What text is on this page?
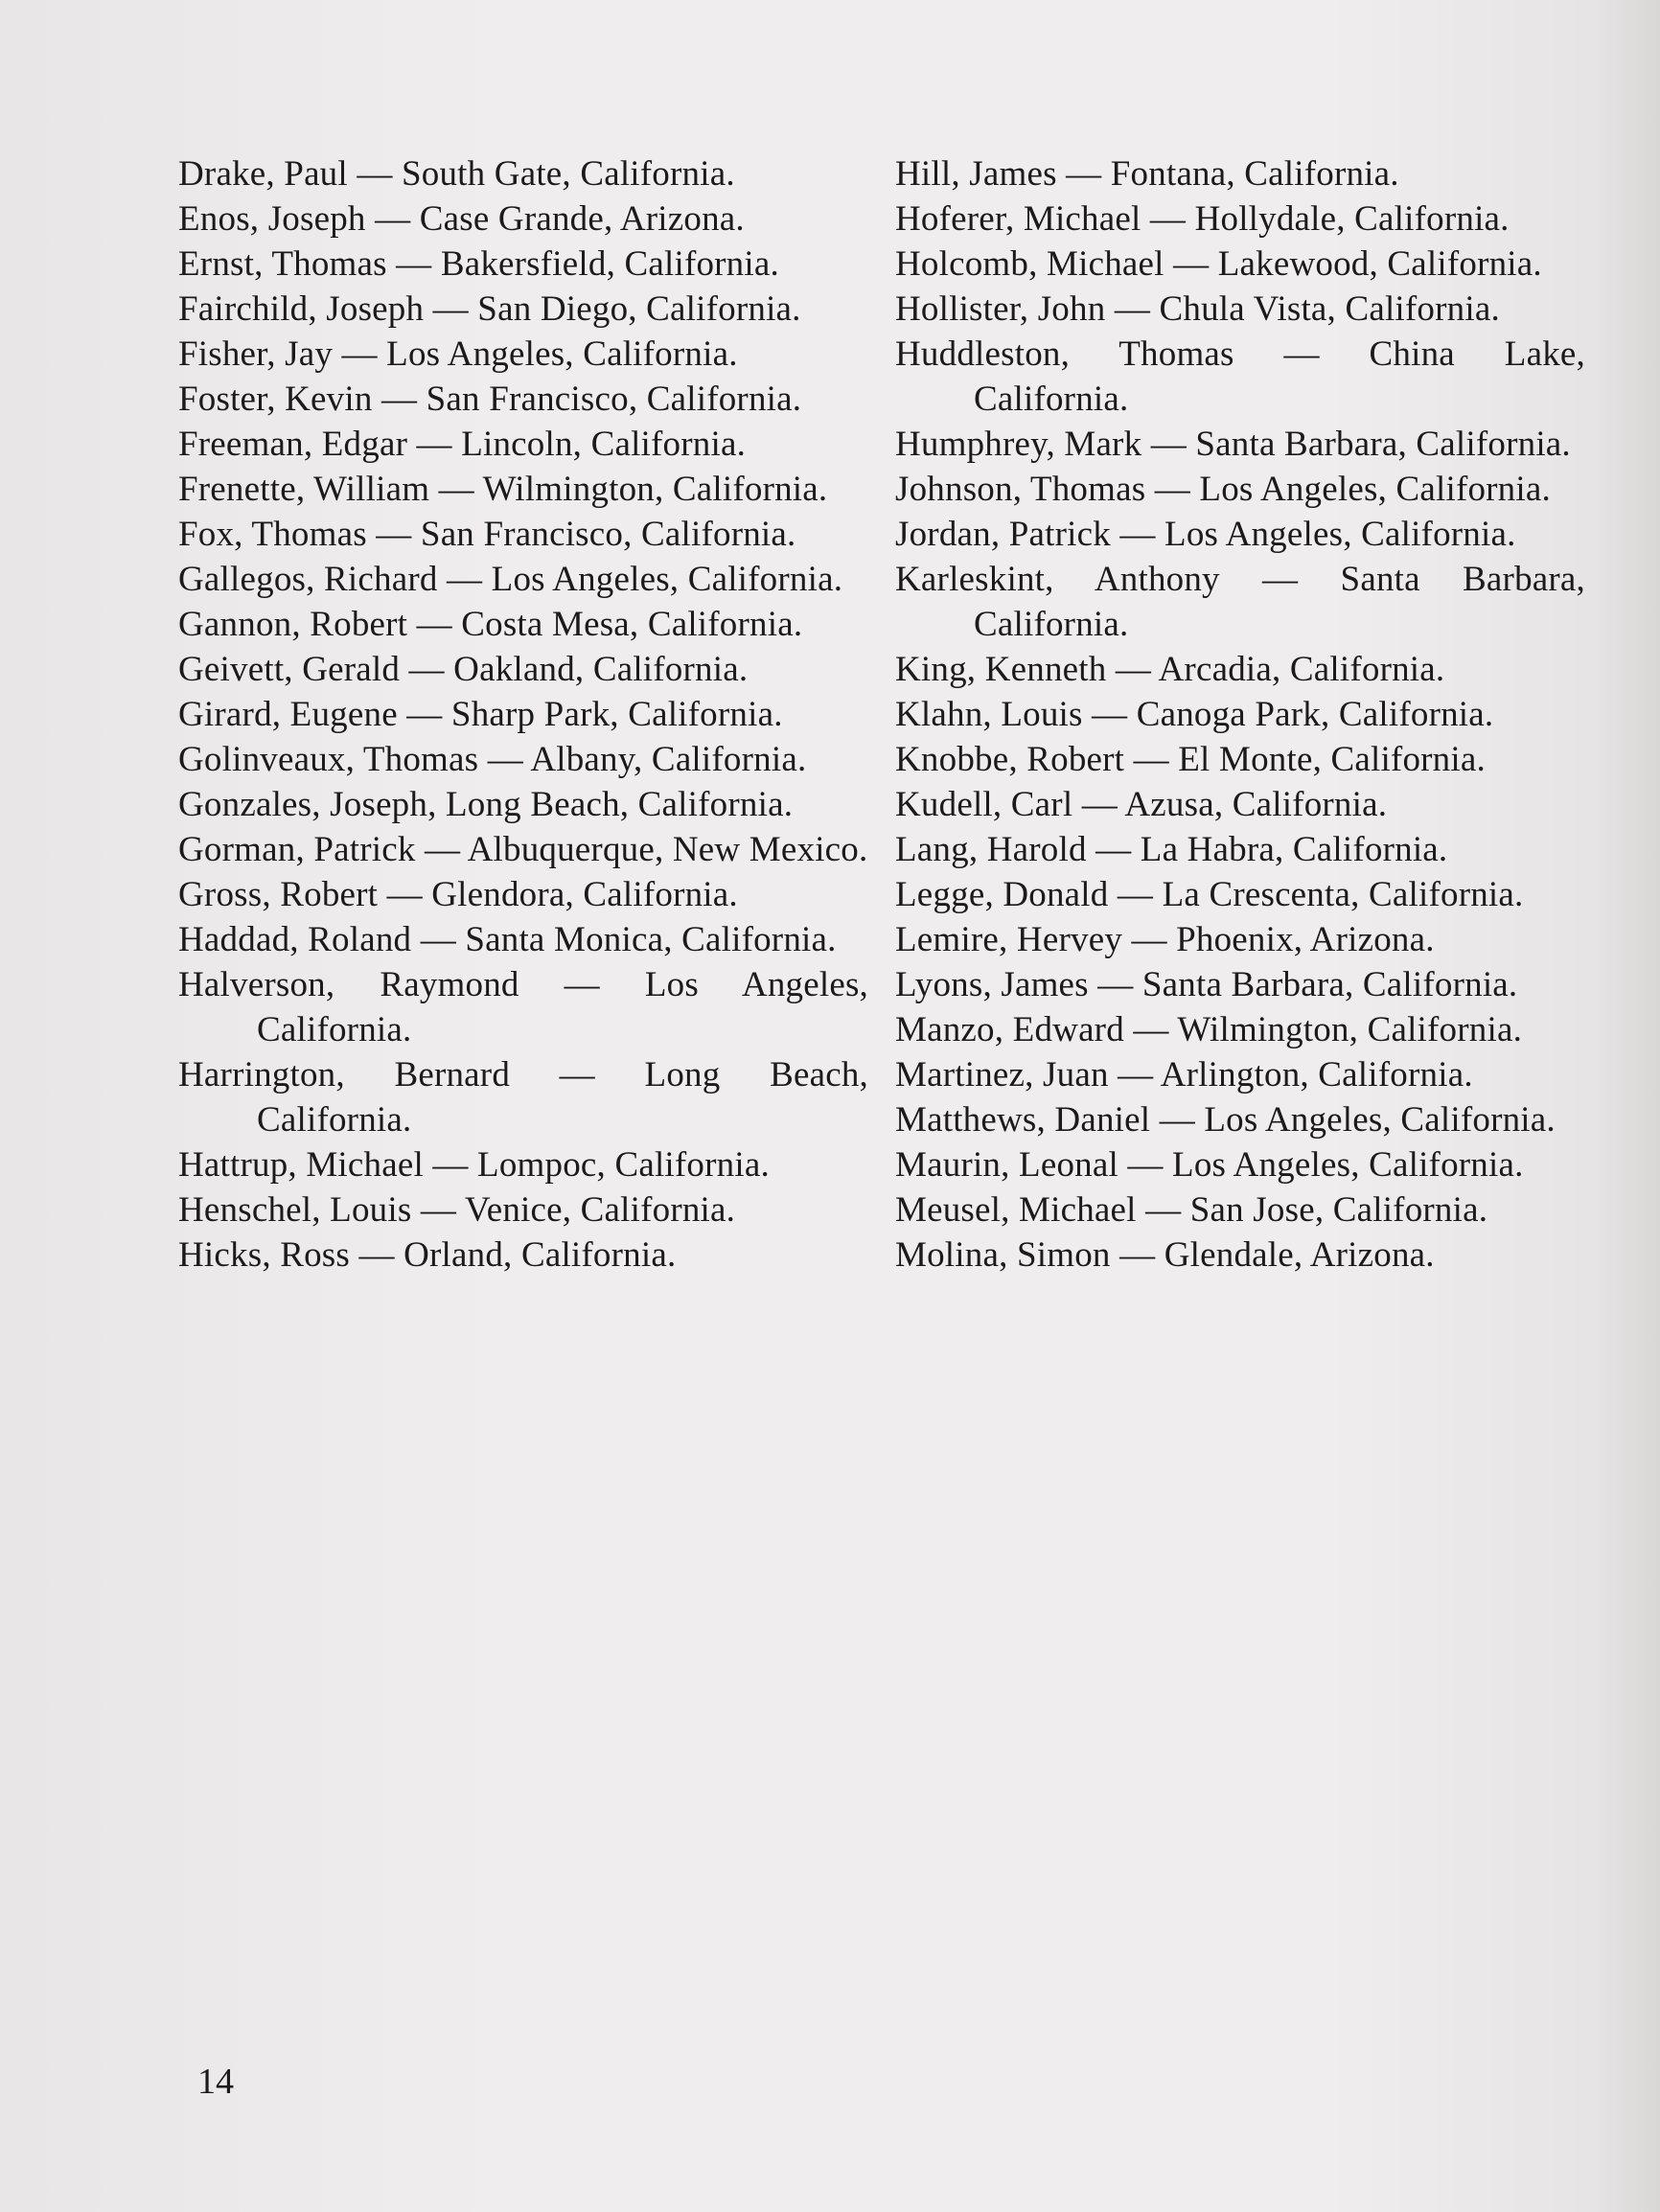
Drake, Paul — South Gate, California.

Enos, Joseph — Case Grande, Arizona.

Ernst, Thomas — Bakersfield, California.

Fairchild, Joseph — San Diego, California.

Fisher, Jay — Los Angeles, California.

Foster, Kevin — San Francisco, California.

Freeman, Edgar — Lincoln, California.

Frenette, William — Wilmington, California.

Fox, Thomas — San Francisco, California.

Gallegos, Richard — Los Angeles, California.

Gannon, Robert — Costa Mesa, California.

Geivett, Gerald — Oakland, California.

Girard, Eugene — Sharp Park, California.

Golinveaux, Thomas — Albany, California.

Gonzales, Joseph, Long Beach, California.

Gorman, Patrick — Albuquerque, New Mexico.

Gross, Robert — Glendora, California.

Haddad, Roland — Santa Monica, California.

Halverson, Raymond — Los Angeles, California.

Harrington, Bernard — Long Beach, California.

Hattrup, Michael — Lompoc, California.

Henschel, Louis — Venice, California.

Hicks, Ross — Orland, California.

Hill, James — Fontana, California.

Hoferer, Michael — Hollydale, California.

Holcomb, Michael — Lakewood, California.

Hollister, John — Chula Vista, California.

Huddleston, Thomas — China Lake, California.

Humphrey, Mark — Santa Barbara, California.

Johnson, Thomas — Los Angeles, California.

Jordan, Patrick — Los Angeles, California.

Karleskint, Anthony — Santa Barbara, California.

King, Kenneth — Arcadia, California.

Klahn, Louis — Canoga Park, California.

Knobbe, Robert — El Monte, California.

Kudell, Carl — Azusa, California.

Lang, Harold — La Habra, California.

Legge, Donald — La Crescenta, California.

Lemire, Hervey — Phoenix, Arizona.

Lyons, James — Santa Barbara, California.

Manzo, Edward — Wilmington, California.

Martinez, Juan — Arlington, California.

Matthews, Daniel — Los Angeles, California.

Maurin, Leonal — Los Angeles, California.

Meusel, Michael — San Jose, California.

Molina, Simon — Glendale, Arizona.

14
